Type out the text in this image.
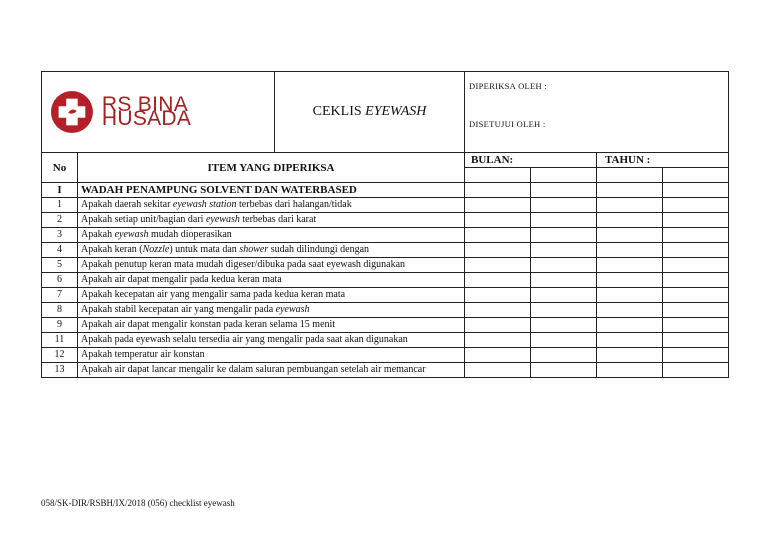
RS BINA HUSADA		CEKLIS EYEWASH	DIPERIKSA OLEH :
DISETUJUI OLEH :			

No	ITEM YANG DIPERIKSA		BULAN:		TAHUN :	

I	WADAH PENAMPUNG SOLVENT DAN WATERBASED					
1	Apakah daerah sekitar eyewash station terbebas dari halangan/tidak					
2	Apakah setiap unit/bagian dari eyewash terbebas dari karat					
3	Apakah eyewash mudah dioperasikan					
4	Apakah keran (Nozzle) untuk mata dan shower sudah dilindungi dengan					
5	Apakah penutup keran mata mudah digeser/dibuka pada saat eyewash digunakan					
6	Apakah air dapat mengalir pada kedua keran mata					
7	Apakah kecepatan air yang mengalir sama pada kedua keran mata					
8	Apakah stabil kecepatan air yang mengalir pada eyewash					
9	Apakah air dapat mengalir konstan pada keran selama 15 menit					
11	Apakah pada eyewash selalu tersedia air yang mengalir pada saat akan digunakan					
12	Apakah temperatur air konstan					
13	Apakah air dapat lancar mengalir ke dalam saluran pembuangan setelah air memancar					
058/SK-DIR/RSBH/IX/2018 (056) checklist eyewash
